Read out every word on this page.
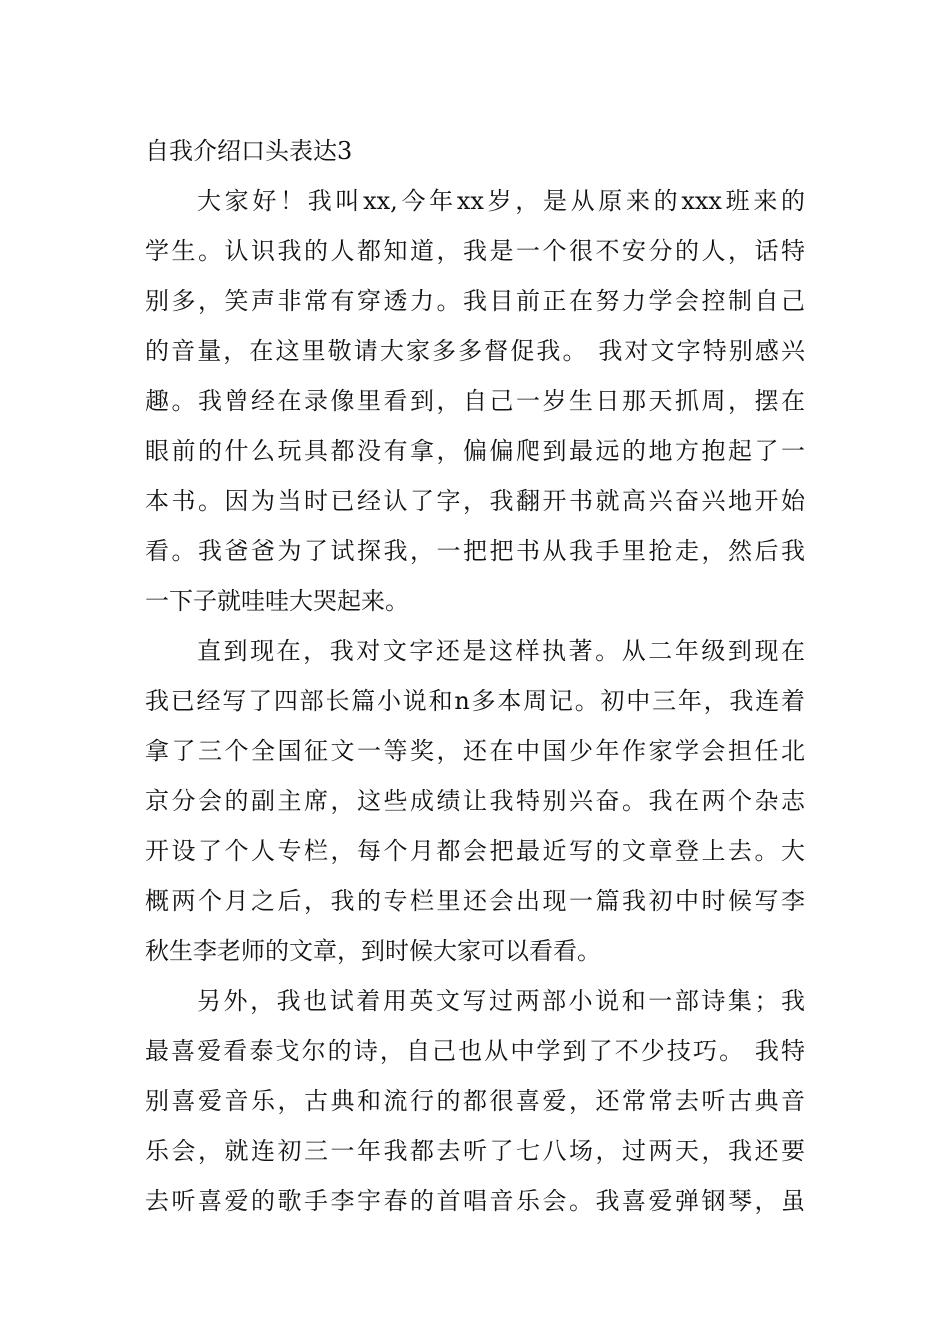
自我介绍口头表达3
大家好！我叫xx,今年xx岁，是从原来的xxx班来的
学生。认识我的人都知道，我是一个很不安分的人，话特
别多，笑声非常有穿透力。我目前正在努力学会控制自己
的音量，在这里敬请大家多多督促我。 我对文字特别感兴
趣。我曾经在录像里看到，自己一岁生日那天抓周，摆在
眼前的什么玩具都没有拿，偏偏爬到最远的地方抱起了一
本书。因为当时已经认了字，我翻开书就高兴奋兴地开始
看。我爸爸为了试探我，一把把书从我手里抢走，然后我
一下子就哇哇大哭起来。
直到现在，我对文字还是这样执著。从二年级到现在
我已经写了四部长篇小说和n多本周记。初中三年，我连着
拿了三个全国征文一等奖，还在中国少年作家学会担任北
京分会的副主席，这些成绩让我特别兴奋。我在两个杂志
开设了个人专栏，每个月都会把最近写的文章登上去。大
概两个月之后，我的专栏里还会出现一篇我初中时候写李
秋生李老师的文章，到时候大家可以看看。
另外，我也试着用英文写过两部小说和一部诗集；我
最喜爱看泰戈尔的诗，自己也从中学到了不少技巧。 我特
别喜爱音乐，古典和流行的都很喜爱，还常常去听古典音
乐会，就连初三一年我都去听了七八场，过两天，我还要
去听喜爱的歌手李宇春的首唱音乐会。我喜爱弹钢琴，虽
